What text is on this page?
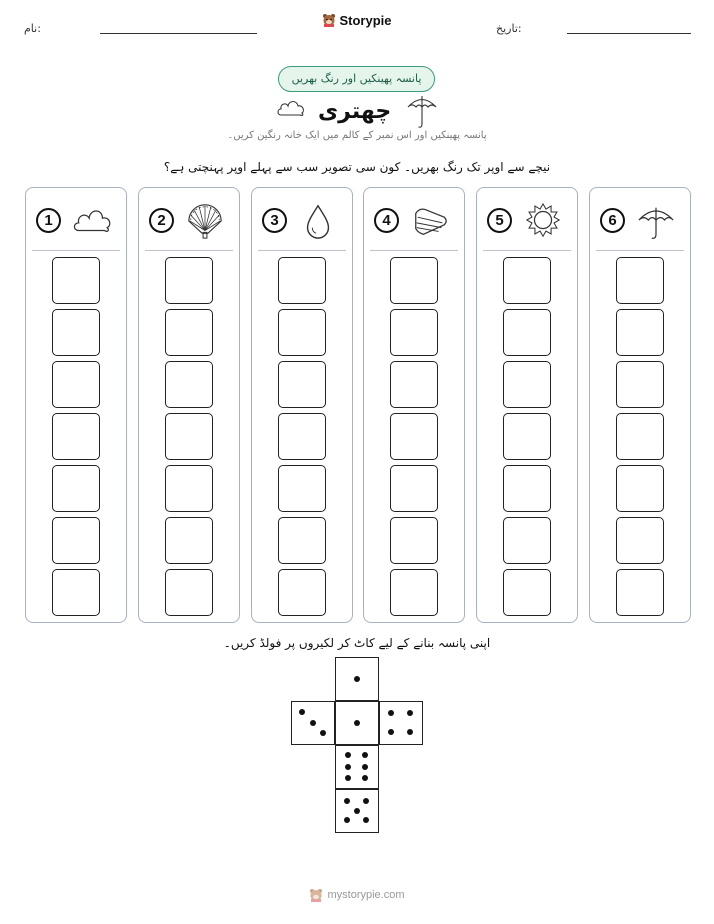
نام:
Storypie
تاریخ:
پانسہ پھینکیں اور رنگ بھریں
چھتری
پانسہ پھینکیں اور اس نمبر کے کالم میں ایک خانہ رنگین کریں۔
نیچے سے اوپر تک رنگ بھریں۔ کون سی تصویر سب سے پہلے اوپر پہنچتی ہے؟
1	2	3	4	5	6
اپنی پانسہ بنانے کے لیے کاٹ کر لکیروں پر فولڈ کریں۔
mystorypie.com
